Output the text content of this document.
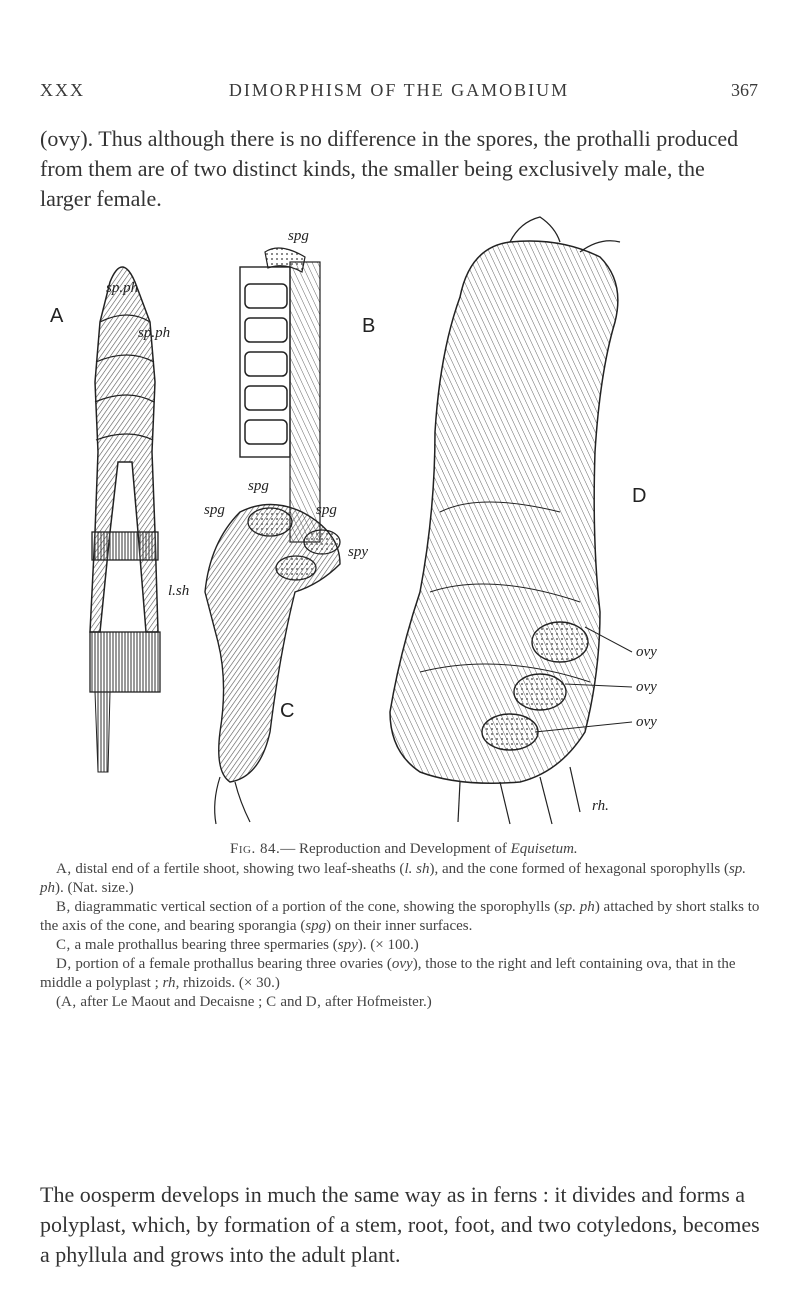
XXX	DIMORPHISM OF THE GAMOBIUM	367

(ovy). Thus although there is no difference in the spores, the prothalli produced from them are of two distinct kinds, the smaller being exclusively male, the larger female.

A	B
C
D
sp.ph
sp.ph
spg
spg
spg	spg
spy
l.sh
ovy
ovy
ovy
rh.

Fig. 84.— Reproduction and Development of Equisetum.

A, distal end of a fertile shoot, showing two leaf-sheaths (l. sh), and the cone formed of hexagonal sporophylls (sp. ph). (Nat. size.)

B, diagrammatic vertical section of a portion of the cone, showing the sporophylls (sp. ph) attached by short stalks to the axis of the cone, and bearing sporangia (spg) on their inner surfaces.

C, a male prothallus bearing three spermaries (spy). (× 100.)

D, portion of a female prothallus bearing three ovaries (ovy), those to the right and left containing ova, that in the middle a polyplast ; rh, rhizoids. (× 30.)

(A, after Le Maout and Decaisne ; C and D, after Hofmeister.)

The oosperm develops in much the same way as in ferns : it divides and forms a polyplast, which, by formation of a stem, root, foot, and two cotyledons, becomes a phyllula and grows into the adult plant.
